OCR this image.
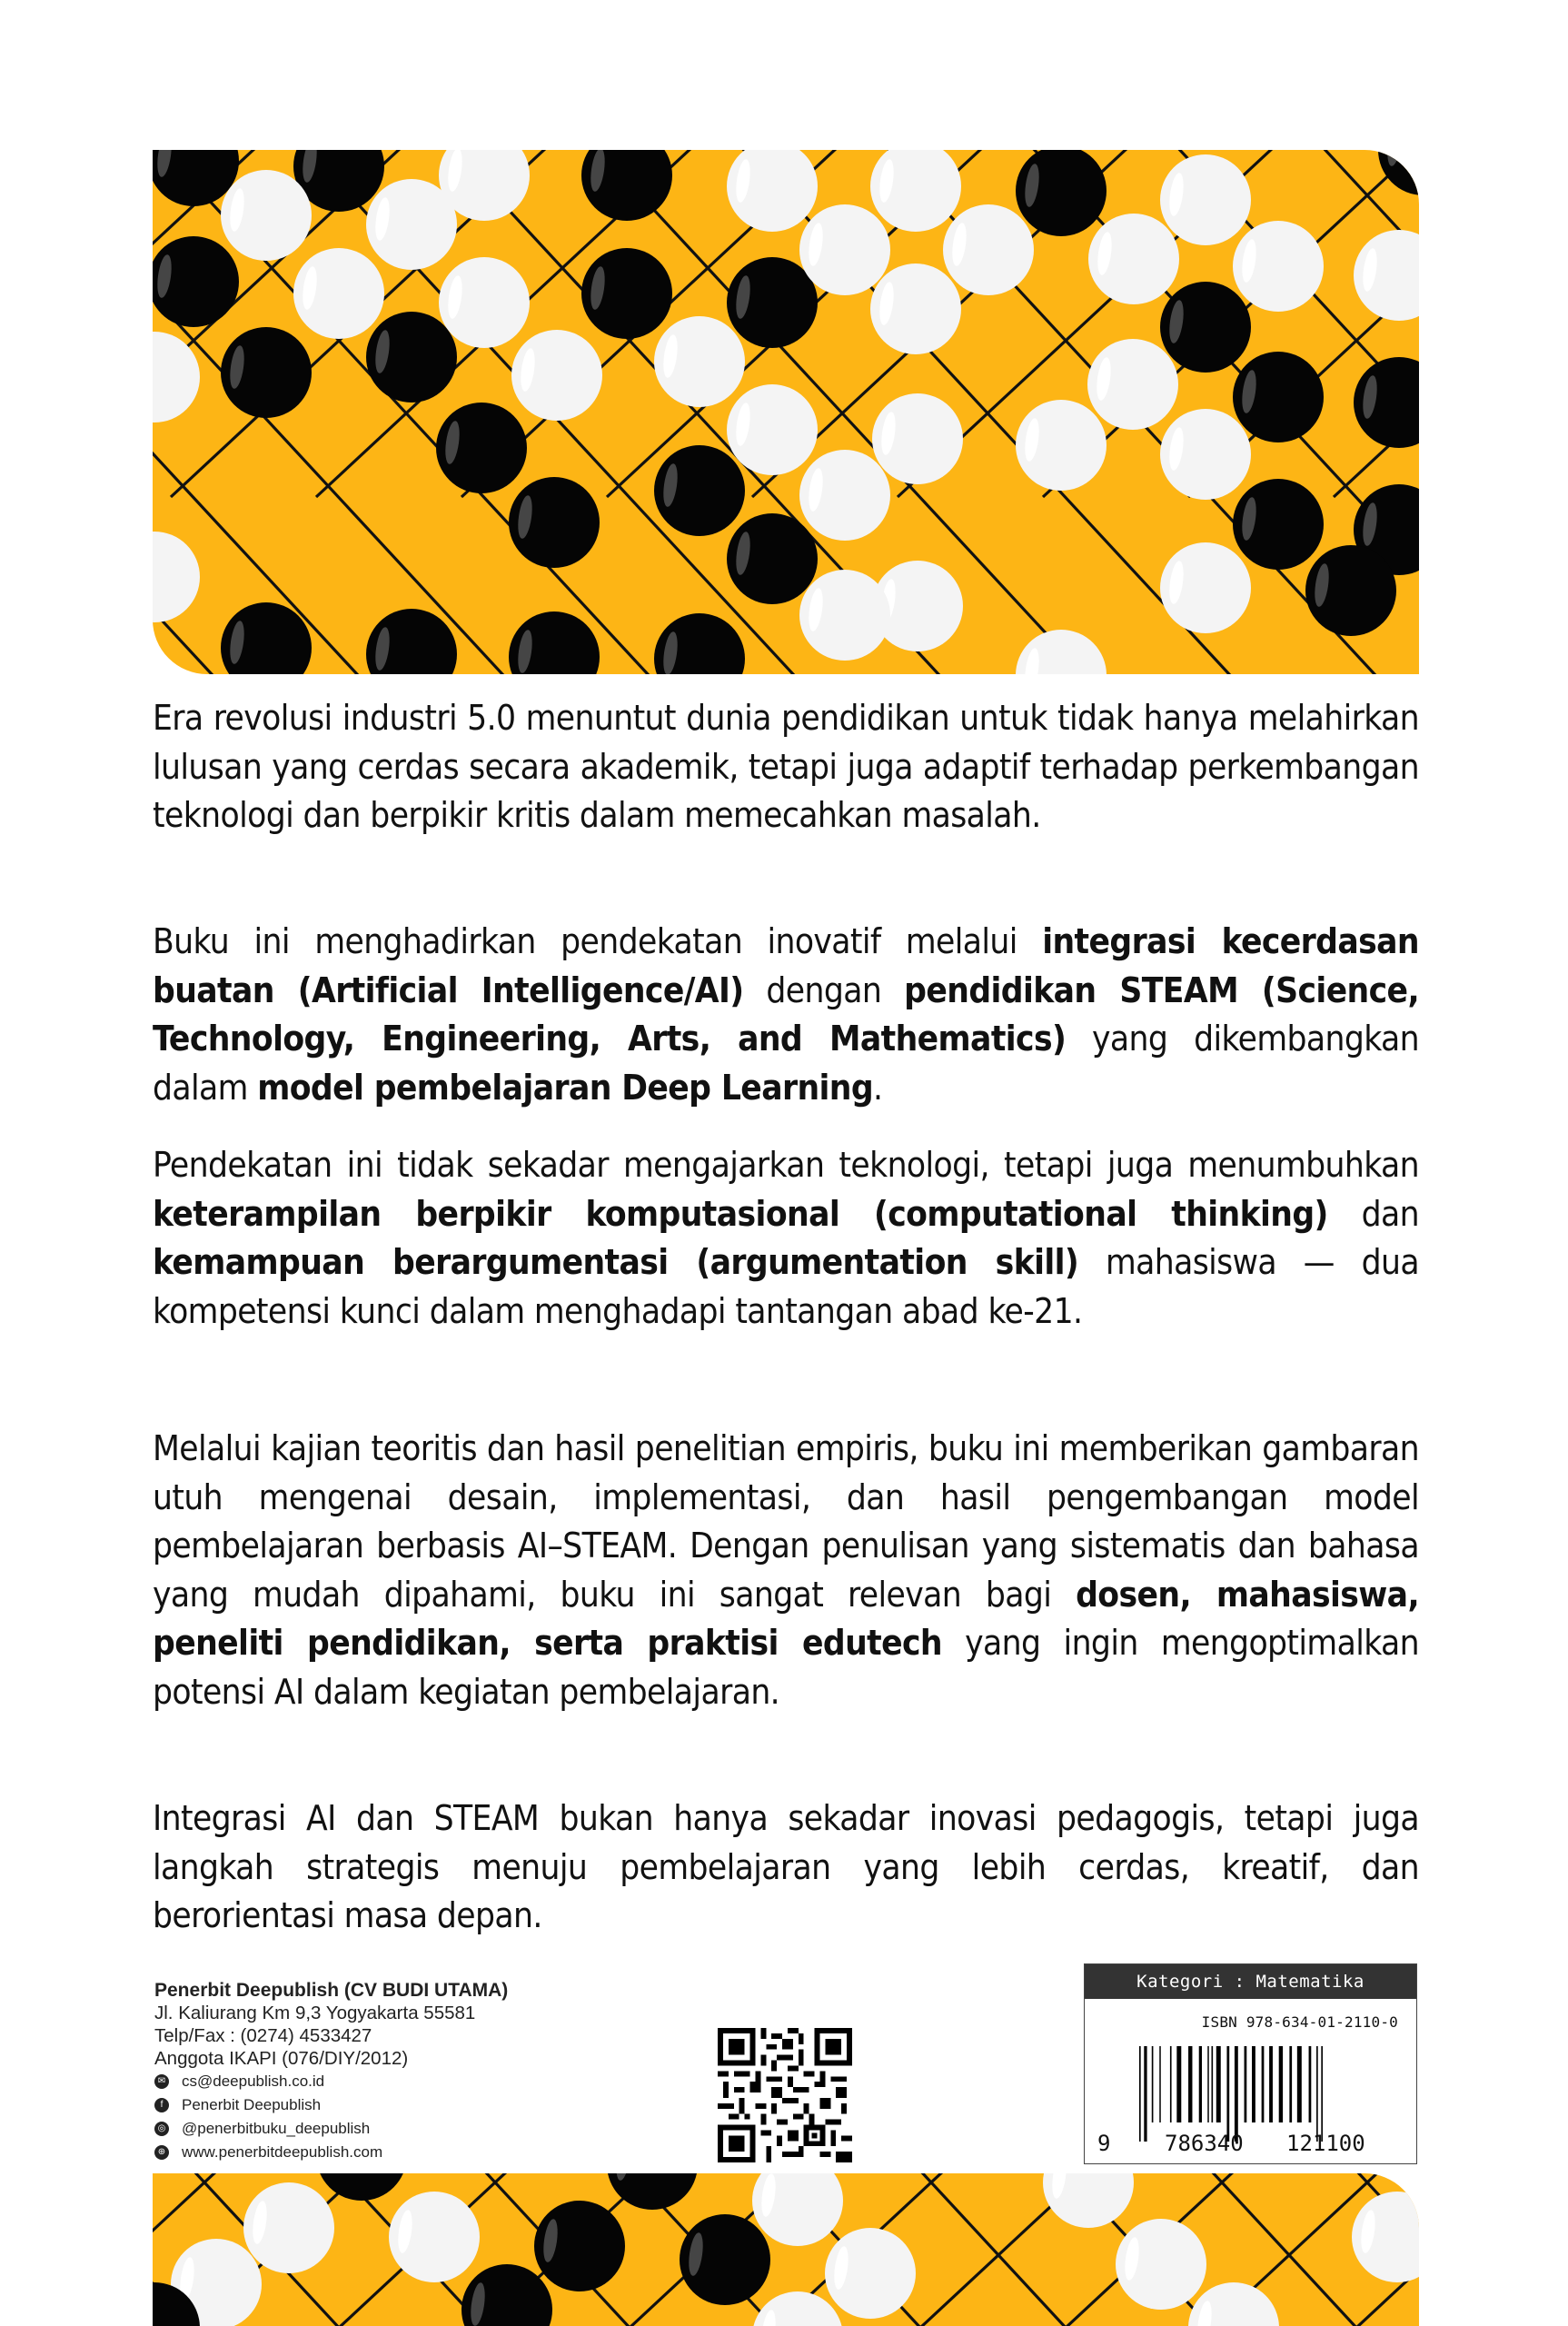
Era revolusi industri 5.0 menuntut dunia pendidikan untuk tidak hanya melahirkan lulusan yang cerdas secara akademik, tetapi juga adaptif terhadap perkembangan teknologi dan berpikir kritis dalam memecahkan masalah.

Buku ini menghadirkan pendekatan inovatif melalui integrasi kecerdasan buatan (Artificial Intelligence/AI) dengan pendidikan STEAM (Science, Technology, Engineering, Arts, and Mathematics) yang dikembangkan dalam model pembelajaran Deep Learning.

Pendekatan ini tidak sekadar mengajarkan teknologi, tetapi juga menumbuhkan keterampilan berpikir komputasional (computational thinking) dan kemampuan berargumentasi (argumentation skill) mahasiswa — dua kompetensi kunci dalam menghadapi tantangan abad ke-21.

Melalui kajian teoritis dan hasil penelitian empiris, buku ini memberikan gambaran utuh mengenai desain, implementasi, dan hasil pengembangan model pembelajaran berbasis AI–STEAM. Dengan penulisan yang sistematis dan bahasa yang mudah dipahami, buku ini sangat relevan bagi dosen, mahasiswa, peneliti pendidikan, serta praktisi edutech yang ingin mengoptimalkan potensi AI dalam kegiatan pembelajaran.

Integrasi AI dan STEAM bukan hanya sekadar inovasi pedagogis, tetapi juga langkah strategis menuju pembelajaran yang lebih cerdas, kreatif, dan berorientasi masa depan.

Penerbit Deepublish (CV BUDI UTAMA)
Jl. Kaliurang Km 9,3 Yogyakarta 55581
Telp/Fax : (0274) 4533427
Anggota IKAPI (076/DIY/2012)
✉ cs@deepublish.co.id
f	Penerbit Deepublish
◎ @penerbitbuku_deepublish
⊕ www.penerbitdeepublish.com
Kategori : Matematika
ISBN 978-634-01-2110-0
9 786340 121100
